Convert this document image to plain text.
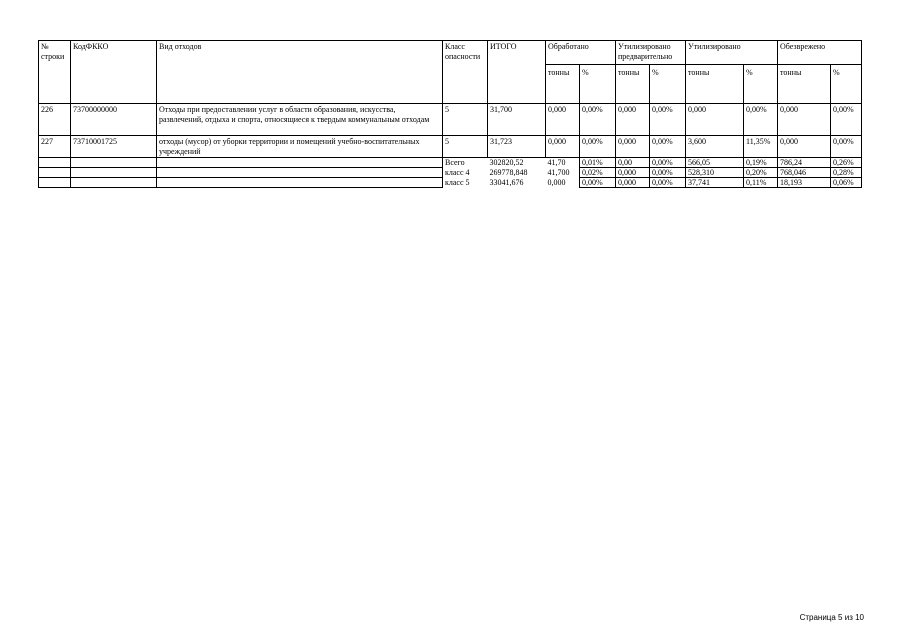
№ строки	КодФККО	Вид отходов	Класс опасности	ИТОГО	Обработано		Утилизировано предварительно		Утилизировано		Обезврежено	
					тонны	%	тонны	%	тонны	%	тонны	%
226	73700000000	Отходы при предоставлении услуг в области образования, искусства, развлечений, отдыха и спорта, относящиеся к твердым коммунальным отходам	5	31,700	0,000	0,00%	0,000	0,00%	0,000	0,00%	0,000	0,00%
227	73710001725	отходы (мусор) от уборки территории и помещений учебно-воспитательных учреждений	5	31,723	0,000	0,00%	0,000	0,00%	3,600	11,35%	0,000	0,00%
			Всего	302820,52	41,70	0,01%	0,00	0,00%	566,05	0,19%	786,24	0,26%
			класс 4	269778,848	41,700	0,02%	0,000	0,00%	528,310	0,20%	768,046	0,28%
			класс 5	33041,676	0,000	0,00%	0,000	0,00%	37,741	0,11%	18,193	0,06%
Страница 5 из 10
